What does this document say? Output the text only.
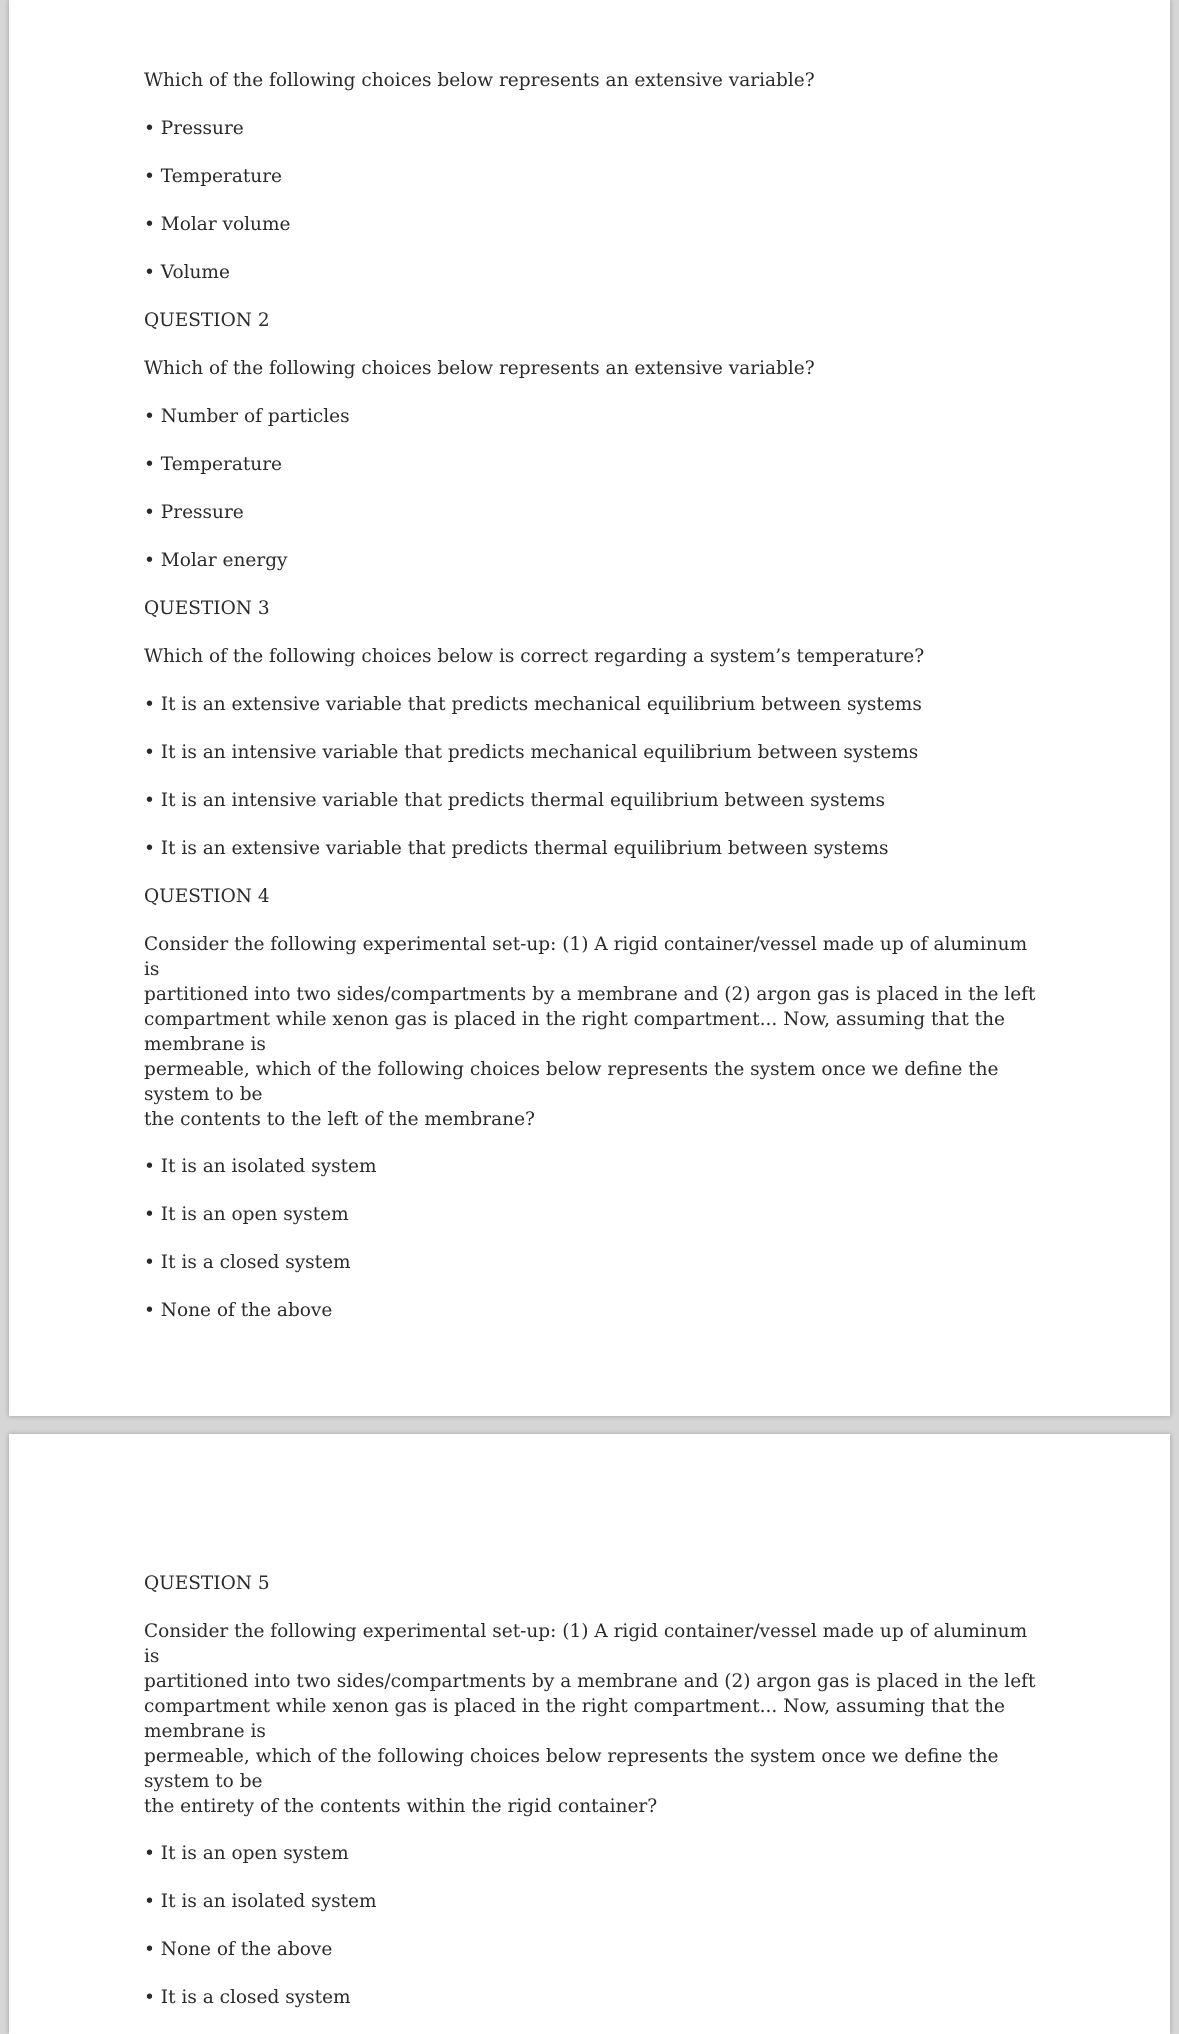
Which of the following choices below represents an extensive variable?
• Pressure
• Temperature
• Molar volume
• Volume
QUESTION 2
Which of the following choices below represents an extensive variable?
• Number of particles
• Temperature
• Pressure
• Molar energy
QUESTION 3
Which of the following choices below is correct regarding a system’s temperature?
• It is an extensive variable that predicts mechanical equilibrium between systems
• It is an intensive variable that predicts mechanical equilibrium between systems
• It is an intensive variable that predicts thermal equilibrium between systems
• It is an extensive variable that predicts thermal equilibrium between systems
QUESTION 4
Consider the following experimental set-up: (1) A rigid container/vessel made up of aluminum is
partitioned into two sides/compartments by a membrane and (2) argon gas is placed in the left
compartment while xenon gas is placed in the right compartment... Now, assuming that the membrane is
permeable, which of the following choices below represents the system once we define the system to be
the contents to the left of the membrane?
• It is an isolated system
• It is an open system
• It is a closed system
• None of the above
QUESTION 5
Consider the following experimental set-up: (1) A rigid container/vessel made up of aluminum is
partitioned into two sides/compartments by a membrane and (2) argon gas is placed in the left
compartment while xenon gas is placed in the right compartment... Now, assuming that the membrane is
permeable, which of the following choices below represents the system once we define the system to be
the entirety of the contents within the rigid container?
• It is an open system
• It is an isolated system
• None of the above
• It is a closed system
